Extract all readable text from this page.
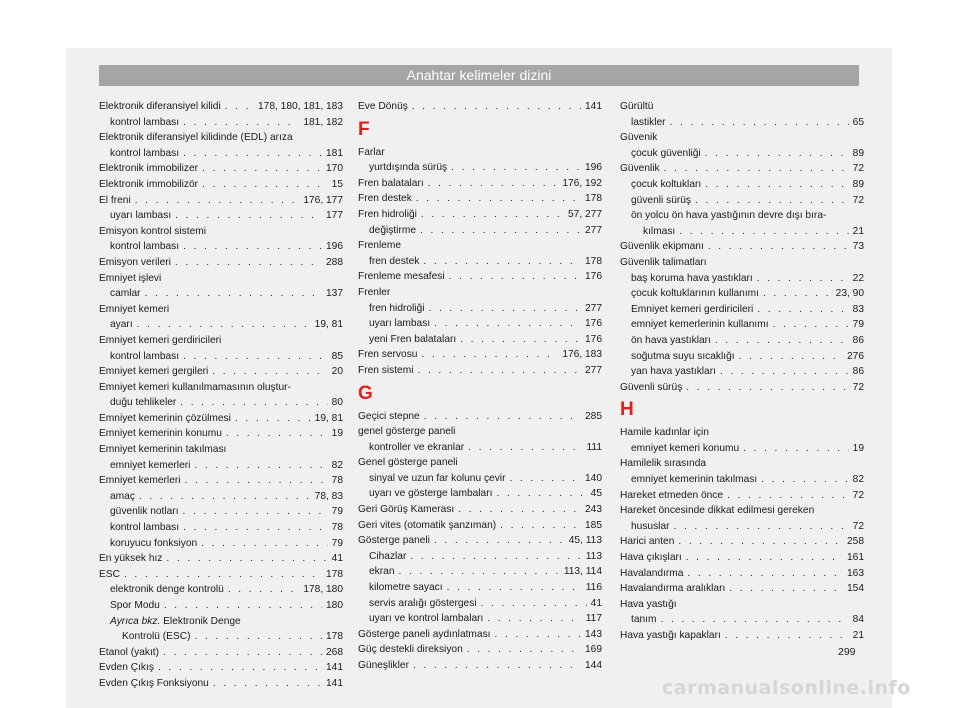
Anahtar kelimeler dizini
Elektronik diferansiyel kilidi . . .	178, 180, 181, 183
kontrol lambası . . .	181, 182
Elektronik diferansiyel kilidinde (EDL) arıza
kontrol lambası . . .	181
Elektronik immobilizer . . .	170
Elektronik immobilizör . . .	15
El freni . . .	176, 177
uyarı lambası . . .	177
Emisyon kontrol sistemi
kontrol lambası . . .	196
Emisyon verileri . . .	288
Emniyet işlevi
camlar . . .	137
Emniyet kemeri
ayarı . . .	19, 81
Emniyet kemeri gerdiricileri
kontrol lambası . . .	85
Emniyet kemeri gergileri . . .	20
Emniyet kemeri kullanılmamasının oluştur-
duğu tehlikeler . . .	80
Emniyet kemerinin çözülmesi . . .	19, 81
Emniyet kemerinin konumu . . .	19
Emniyet kemerinin takılması
emniyet kemerleri . . .	82
Emniyet kemerleri . . .	78
amaç . . .	78, 83
güvenlik notları . . .	79
kontrol lambası . . .	78
koruyucu fonksiyon . . .	79
En yüksek hız . . .	41
ESC . . .	178
elektronik denge kontrolü . . .	178, 180
Spor Modu . . .	180
Ayrıca bkz. Elektronik Denge
Kontrolü (ESC) . . .	178
Etanol (yakıt) . . .	268
Evden Çıkış . . .	141
Evden Çıkış Fonksiyonu . . .	141
Eve Dönüş . . .	141
F
Farlar
yurtdışında sürüş . . .	196
Fren balataları . . .	176, 192
Fren destek . . .	178
Fren hidroliği . . .	57, 277
değiştirme . . .	277
Frenleme
fren destek . . .	178
Frenleme mesafesi . . .	176
Frenler
fren hidroliği . . .	277
uyarı lambası . . .	176
yeni Fren balataları . . .	176
Fren servosu . . .	176, 183
Fren sistemi . . .	277
G
Geçici stepne . . .	285
genel gösterge paneli
kontroller ve ekranlar . . .	111
Genel gösterge paneli
sinyal ve uzun far kolunu çevir . . .	140
uyarı ve gösterge lambaları . . .	45
Geri Görüş Kamerası . . .	243
Geri vites (otomatik şanzıman) . . .	185
Gösterge paneli . . .	45, 113
Cihazlar . . .	113
ekran . . .	113, 114
kilometre sayacı . . .	116
servis aralığı göstergesi . . .	41
uyarı ve kontrol lambaları . . .	117
Gösterge paneli aydınlatması . . .	143
Güç destekli direksiyon . . .	169
Güneşlikler . . .	144
Gürültü
lastikler . . .	65
Güvenik
çocuk güvenliği . . .	89
Güvenlik . . .	72
çocuk koltukları . . .	89
güvenli sürüş . . .	72
ön yolcu ön hava yastığının devre dışı bıra-
kılması . . .	21
Güvenlik ekipmanı . . .	73
Güvenlik talimatları
baş koruma hava yastıkları . . .	22
çocuk koltuklarının kullanımı . . .	23, 90
Emniyet kemeri gerdiricileri . . .	83
emniyet kemerlerinin kullanımı . . .	79
ön hava yastıkları . . .	86
soğutma suyu sıcaklığı . . .	276
yan hava yastıkları . . .	86
Güvenli sürüş . . .	72
H
Hamile kadınlar için
emniyet kemeri konumu . . .	19
Hamilelik sırasında
emniyet kemerinin takılması . . .	82
Hareket etmeden önce . . .	72
Hareket öncesinde dikkat edilmesi gereken
hususlar . . .	72
Harici anten . . .	258
Hava çıkışları . . .	161
Havalandırma . . .	163
Havalandırma aralıkları . . .	154
Hava yastığı
tanım . . .	84
Hava yastığı kapakları . . .	21
299
carmanualsonline.info
